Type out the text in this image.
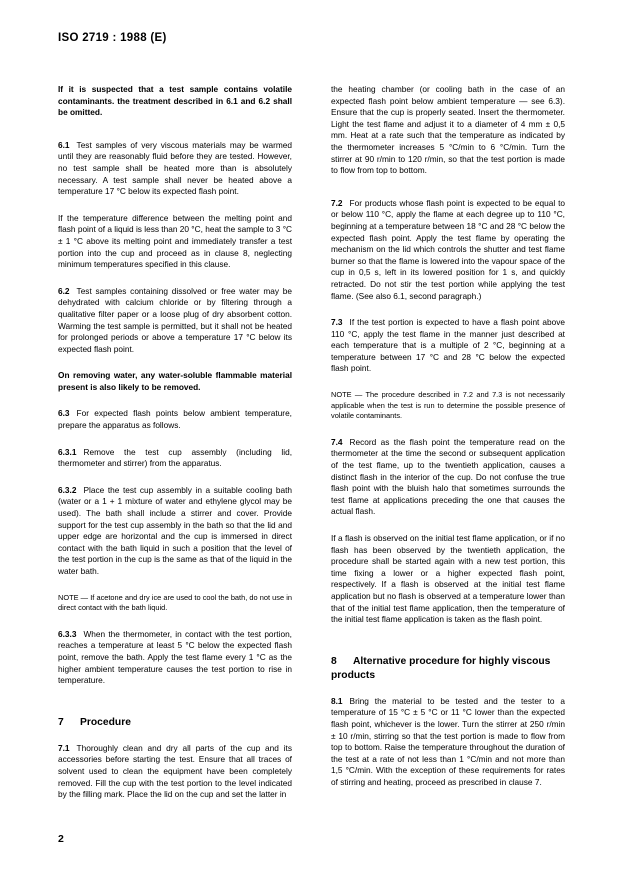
ISO 2719 : 1988 (E)

If it is suspected that a test sample contains volatile contaminants. the treatment described in 6.1 and 6.2 shall be omitted.

6.1 Test samples of very viscous materials may be warmed until they are reasonably fluid before they are tested. However, no test sample shall be heated more than is absolutely necessary. A test sample shall never be heated above a temperature 17 °C below its expected flash point.

If the temperature difference between the melting point and flash point of a liquid is less than 20 °C, heat the sample to 3 °C ± 1 °C above its melting point and immediately transfer a test portion into the cup and proceed as in clause 8, neglecting minimum temperatures specified in this clause.

6.2 Test samples containing dissolved or free water may be dehydrated with calcium chloride or by filtering through a qualitative filter paper or a loose plug of dry absorbent cotton. Warming the test sample is permitted, but it shall not be heated for prolonged periods or above a temperature 17 °C below its expected flash point.

On removing water, any water-soluble flammable material present is also likely to be removed.

6.3 For expected flash points below ambient temperature, prepare the apparatus as follows.

6.3.1 Remove the test cup assembly (including lid, thermometer and stirrer) from the apparatus.

6.3.2 Place the test cup assembly in a suitable cooling bath (water or a 1 + 1 mixture of water and ethylene glycol may be used). The bath shall include a stirrer and cover. Provide support for the test cup assembly in the bath so that the lid and upper edge are horizontal and the cup is immersed in direct contact with the bath liquid in such a position that the level of the test portion in the cup is the same as that of the liquid in the water bath.

NOTE — If acetone and dry ice are used to cool the bath, do not use in direct contact with the bath liquid.

6.3.3 When the thermometer, in contact with the test portion, reaches a temperature at least 5 °C below the expected flash point, remove the bath. Apply the test flame every 1 °C as the higher ambient temperature causes the test portion to rise in temperature.

7 Procedure

7.1 Thoroughly clean and dry all parts of the cup and its accessories before starting the test. Ensure that all traces of solvent used to clean the equipment have been completely removed. Fill the cup with the test portion to the level indicated by the filling mark. Place the lid on the cup and set the latter in

the heating chamber (or cooling bath in the case of an expected flash point below ambient temperature — see 6.3). Ensure that the cup is properly seated. Insert the thermometer. Light the test flame and adjust it to a diameter of 4 mm ± 0,5 mm. Heat at a rate such that the temperature as indicated by the thermometer increases 5 °C/min to 6 °C/min. Turn the stirrer at 90 r/min to 120 r/min, so that the test portion is made to flow from top to bottom.

7.2 For products whose flash point is expected to be equal to or below 110 °C, apply the flame at each degree up to 110 °C, beginning at a temperature between 18 °C and 28 °C below the expected flash point. Apply the test flame by operating the mechanism on the lid which controls the shutter and test flame burner so that the flame is lowered into the vapour space of the cup in 0,5 s, left in its lowered position for 1 s, and quickly retracted. Do not stir the test portion while applying the test flame. (See also 6.1, second paragraph.)

7.3 If the test portion is expected to have a flash point above 110 °C, apply the test flame in the manner just described at each temperature that is a multiple of 2 °C, beginning at a temperature between 17 °C and 28 °C below the expected flash point.

NOTE — The procedure described in 7.2 and 7.3 is not necessarily applicable when the test is run to determine the possible presence of volatile contaminants.

7.4 Record as the flash point the temperature read on the thermometer at the time the second or subsequent application of the test flame, up to the twentieth application, causes a distinct flash in the interior of the cup. Do not confuse the true flash point with the bluish halo that sometimes surrounds the test flame at applications preceding the one that causes the actual flash.

If a flash is observed on the initial test flame application, or if no flash has been observed by the twentieth application, the procedure shall be started again with a new test portion, this time fixing a lower or a higher expected flash point, respectively. If a flash is observed at the initial test flame application but no flash is observed at a temperature lower than that of the initial test flame application, then the temperature of the initial test flame application is taken as the flash point.

8 Alternative procedure for highly viscous products

8.1 Bring the material to be tested and the tester to a temperature of 15 °C ± 5 °C or 11 °C lower than the expected flash point, whichever is the lower. Turn the stirrer at 250 r/min ± 10 r/min, stirring so that the test portion is made to flow from top to bottom. Raise the temperature throughout the duration of the test at a rate of not less than 1 °C/min and not more than 1,5 °C/min. With the exception of these requirements for rates of stirring and heating, proceed as prescribed in clause 7.

2
